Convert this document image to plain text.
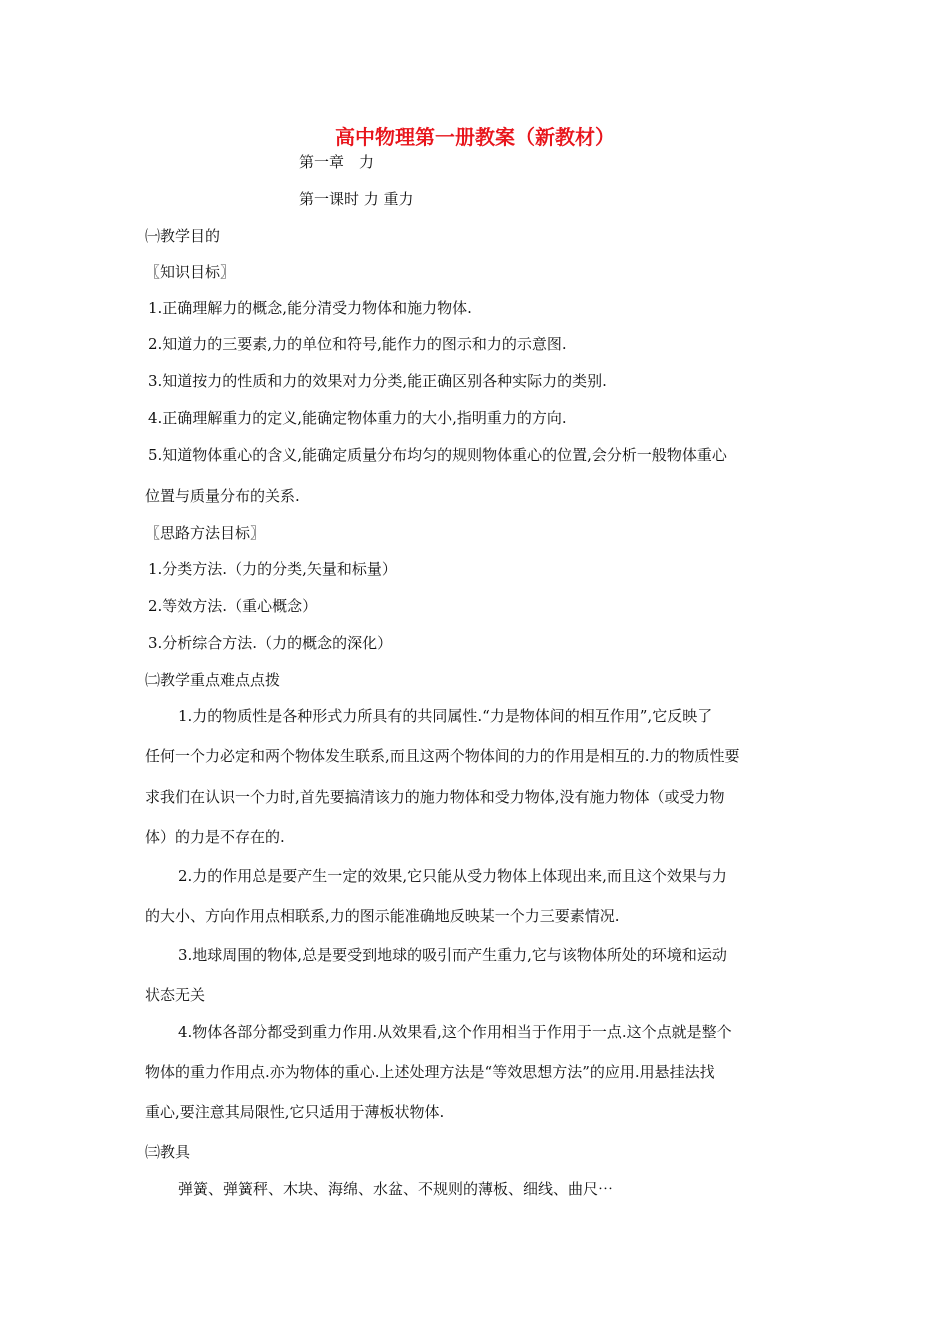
高中物理第一册教案（新教材）
第一章　力
第一课时 力 重力
㈠教学目的
〖知识目标〗
1.正确理解力的概念,能分清受力物体和施力物体.
2.知道力的三要素,力的单位和符号,能作力的图示和力的示意图.
3.知道按力的性质和力的效果对力分类,能正确区别各种实际力的类别.
4.正确理解重力的定义,能确定物体重力的大小,指明重力的方向.
5.知道物体重心的含义,能确定质量分布均匀的规则物体重心的位置,会分析一般物体重心
位置与质量分布的关系.
〖思路方法目标〗
1.分类方法.（力的分类,矢量和标量）
2.等效方法.（重心概念）
3.分析综合方法.（力的概念的深化）
㈡教学重点难点点拨
1.力的物质性是各种形式力所具有的共同属性.“力是物体间的相互作用”,它反映了
任何一个力必定和两个物体发生联系,而且这两个物体间的力的作用是相互的.力的物质性要
求我们在认识一个力时,首先要搞清该力的施力物体和受力物体,没有施力物体（或受力物
体）的力是不存在的.
2.力的作用总是要产生一定的效果,它只能从受力物体上体现出来,而且这个效果与力
的大小、方向作用点相联系,力的图示能准确地反映某一个力三要素情况.
3.地球周围的物体,总是要受到地球的吸引而产生重力,它与该物体所处的环境和运动
状态无关
4.物体各部分都受到重力作用.从效果看,这个作用相当于作用于一点.这个点就是整个
物体的重力作用点.亦为物体的重心.上述处理方法是“等效思想方法”的应用.用悬挂法找
重心,要注意其局限性,它只适用于薄板状物体.
㈢教具
弹簧、弹簧秤、木块、海绵、水盆、不规则的薄板、细线、曲尺⋯
